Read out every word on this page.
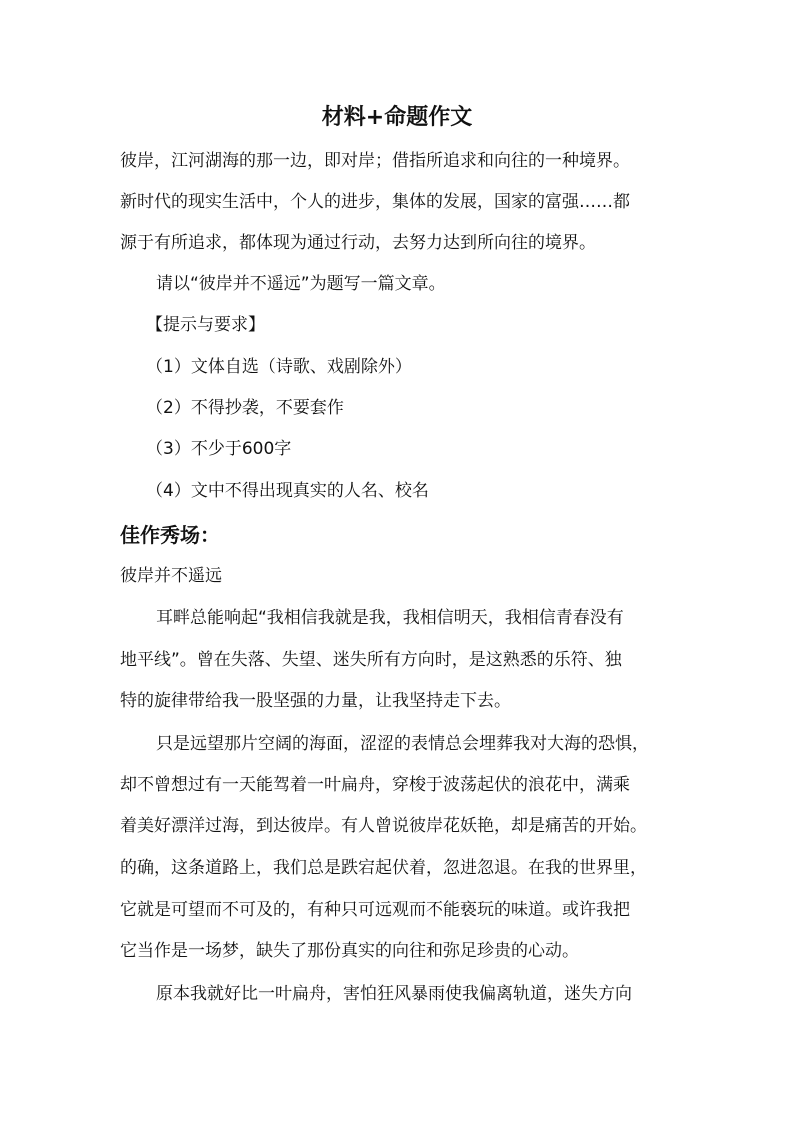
材料+命题作文
彼岸，江河湖海的那一边，即对岸；借指所追求和向往的一种境界。
新时代的现实生活中，个人的进步，集体的发展，国家的富强……都
源于有所追求，都体现为通过行动，去努力达到所向往的境界。
请以“彼岸并不遥远”为题写一篇文章。
【提示与要求】
（1）文体自选（诗歌、戏剧除外）
（2）不得抄袭，不要套作
（3）不少于600字
（4）文中不得出现真实的人名、校名
佳作秀场：
彼岸并不遥远
耳畔总能响起“我相信我就是我，我相信明天，我相信青春没有
地平线”。曾在失落、失望、迷失所有方向时，是这熟悉的乐符、独
特的旋律带给我一股坚强的力量，让我坚持走下去。
只是远望那片空阔的海面，涩涩的表情总会埋葬我对大海的恐惧，
却不曾想过有一天能驾着一叶扁舟，穿梭于波荡起伏的浪花中，满乘
着美好漂洋过海，到达彼岸。有人曾说彼岸花妖艳，却是痛苦的开始。
的确，这条道路上，我们总是跌宕起伏着，忽进忽退。在我的世界里，
它就是可望而不可及的，有种只可远观而不能亵玩的味道。或许我把
它当作是一场梦，缺失了那份真实的向往和弥足珍贵的心动。
原本我就好比一叶扁舟，害怕狂风暴雨使我偏离轨道，迷失方向
